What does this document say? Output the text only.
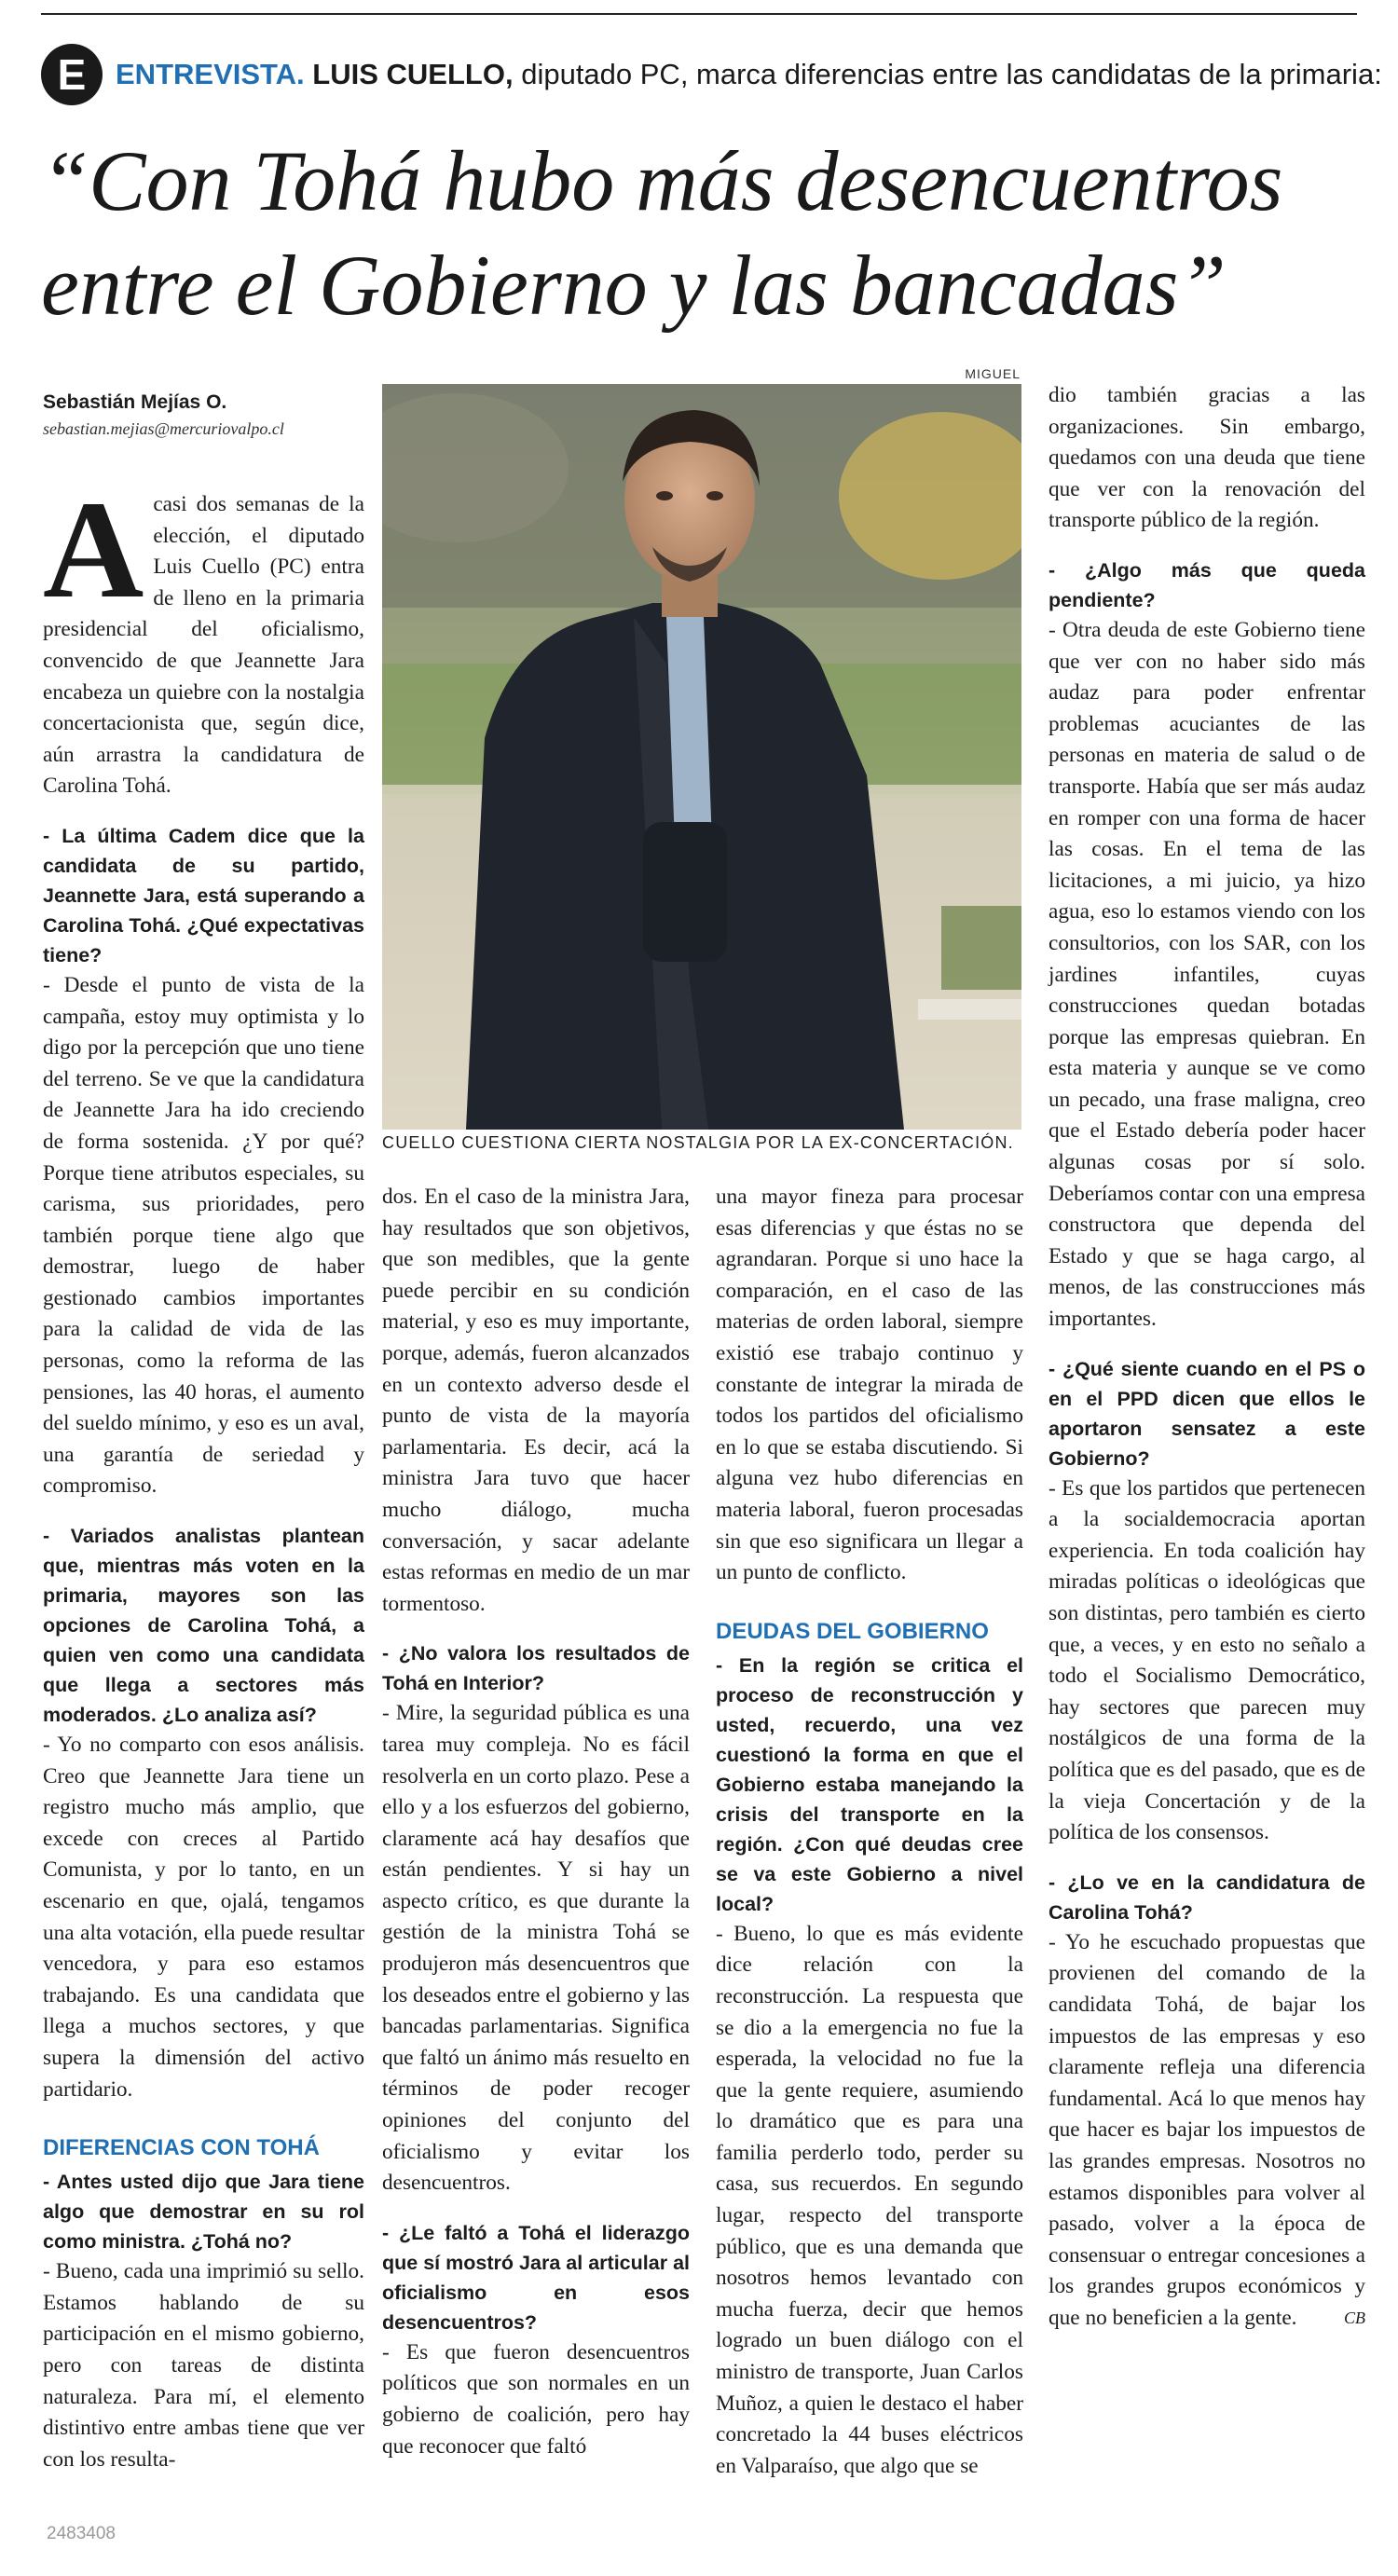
E	ENTREVISTA. LUIS CUELLO, diputado PC, marca diferencias entre las candidatas de la primaria:
“Con Tohá hubo más desencuentros
entre el Gobierno y las bancadas”
Sebastián Mejías O.
sebastian.mejias@mercuriovalpo.cl
MIGUEL
CUELLO CUESTIONA CIERTA NOSTALGIA POR LA EX-CONCERTACIÓN.

Acasi dos semanas de la elección, el diputado Luis Cuello (PC) entra de lleno en la primaria presidencial del oficialismo, convencido de que Jeannette Jara encabeza un quiebre con la nostalgia concertacionista que, según dice, aún arrastra la candidatura de Carolina Tohá.

- La última Cadem dice que la candidata de su partido, Jeannette Jara, está superando a Carolina Tohá. ¿Qué expectativas tiene?

- Desde el punto de vista de la campaña, estoy muy optimista y lo digo por la percepción que uno tiene del terreno. Se ve que la candidatura de Jeannette Jara ha ido creciendo de forma sostenida. ¿Y por qué? Porque tiene atributos especiales, su carisma, sus prioridades, pero también porque tiene algo que demostrar, luego de haber gestionado cambios importantes para la calidad de vida de las personas, como la reforma de las pensiones, las 40 horas, el aumento del sueldo mínimo, y eso es un aval, una garantía de seriedad y compromiso.

- Variados analistas plantean que, mientras más voten en la primaria, mayores son las opciones de Carolina Tohá, a quien ven como una candidata que llega a sectores más moderados. ¿Lo analiza así?

- Yo no comparto con esos análisis. Creo que Jeannette Jara tiene un registro mucho más amplio, que excede con creces al Partido Comunista, y por lo tanto, en un escenario en que, ojalá, tengamos una alta votación, ella puede resultar vencedora, y para eso estamos trabajando. Es una candidata que llega a muchos sectores, y que supera la dimensión del activo partidario.

DIFERENCIAS CON TOHÁ

- Antes usted dijo que Jara tiene algo que demostrar en su rol como ministra. ¿Tohá no?

- Bueno, cada una imprimió su sello. Estamos hablando de su participación en el mismo gobierno, pero con tareas de distinta naturaleza. Para mí, el elemento distintivo entre ambas tiene que ver con los resulta-

dos. En el caso de la ministra Jara, hay resultados que son objetivos, que son medibles, que la gente puede percibir en su condición material, y eso es muy importante, porque, además, fueron alcanzados en un contexto adverso desde el punto de vista de la mayoría parlamentaria. Es decir, acá la ministra Jara tuvo que hacer mucho diálogo, mucha conversación, y sacar adelante estas reformas en medio de un mar tormentoso.

- ¿No valora los resultados de Tohá en Interior?

- Mire, la seguridad pública es una tarea muy compleja. No es fácil resolverla en un corto plazo. Pese a ello y a los esfuerzos del gobierno, claramente acá hay desafíos que están pendientes. Y si hay un aspecto crítico, es que durante la gestión de la ministra Tohá se produjeron más desencuentros que los deseados entre el gobierno y las bancadas parlamentarias. Significa que faltó un ánimo más resuelto en términos de poder recoger opiniones del conjunto del oficialismo y evitar los desencuentros.

- ¿Le faltó a Tohá el liderazgo que sí mostró Jara al articular al oficialismo en esos desencuentros?

- Es que fueron desencuentros políticos que son normales en un gobierno de coalición, pero hay que reconocer que faltó

una mayor fineza para procesar esas diferencias y que éstas no se agrandaran. Porque si uno hace la comparación, en el caso de las materias de orden laboral, siempre existió ese trabajo continuo y constante de integrar la mirada de todos los partidos del oficialismo en lo que se estaba discutiendo. Si alguna vez hubo diferencias en materia laboral, fueron procesadas sin que eso significara un llegar a un punto de conflicto.

DEUDAS DEL GOBIERNO

- En la región se critica el proceso de reconstrucción y usted, recuerdo, una vez cuestionó la forma en que el Gobierno estaba manejando la crisis del transporte en la región. ¿Con qué deudas cree se va este Gobierno a nivel local?

- Bueno, lo que es más evidente dice relación con la reconstrucción. La respuesta que se dio a la emergencia no fue la esperada, la velocidad no fue la que la gente requiere, asumiendo lo dramático que es para una familia perderlo todo, perder su casa, sus recuerdos. En segundo lugar, respecto del transporte público, que es una demanda que nosotros hemos levantado con mucha fuerza, decir que hemos logrado un buen diálogo con el ministro de transporte, Juan Carlos Muñoz, a quien le destaco el haber concretado la 44 buses eléctricos en Valparaíso, que algo que se

dio también gracias a las organizaciones. Sin embargo, quedamos con una deuda que tiene que ver con la renovación del transporte público de la región.

- ¿Algo más que queda pendiente?

- Otra deuda de este Gobierno tiene que ver con no haber sido más audaz para poder enfrentar problemas acuciantes de las personas en materia de salud o de transporte. Había que ser más audaz en romper con una forma de hacer las cosas. En el tema de las licitaciones, a mi juicio, ya hizo agua, eso lo estamos viendo con los consultorios, con los SAR, con los jardines infantiles, cuyas construcciones quedan botadas porque las empresas quiebran. En esta materia y aunque se ve como un pecado, una frase maligna, creo que el Estado debería poder hacer algunas cosas por sí solo. Deberíamos contar con una empresa constructora que dependa del Estado y que se haga cargo, al menos, de las construcciones más importantes.

- ¿Qué siente cuando en el PS o en el PPD dicen que ellos le aportaron sensatez a este Gobierno?

- Es que los partidos que pertenecen a la socialdemocracia aportan experiencia. En toda coalición hay miradas políticas o ideológicas que son distintas, pero también es cierto que, a veces, y en esto no señalo a todo el Socialismo Democrático, hay sectores que parecen muy nostálgicos de una forma de la política que es del pasado, que es de la vieja Concertación y de la política de los consensos.

- ¿Lo ve en la candidatura de Carolina Tohá?

- Yo he escuchado propuestas que provienen del comando de la candidata Tohá, de bajar los impuestos de las empresas y eso claramente refleja una diferencia fundamental. Acá lo que menos hay que hacer es bajar los impuestos de las grandes empresas. Nosotros no estamos disponibles para volver al pasado, volver a la época de consensuar o entregar concesiones a los grandes grupos económicos y que no beneficien a la gente.	CB

2483408
